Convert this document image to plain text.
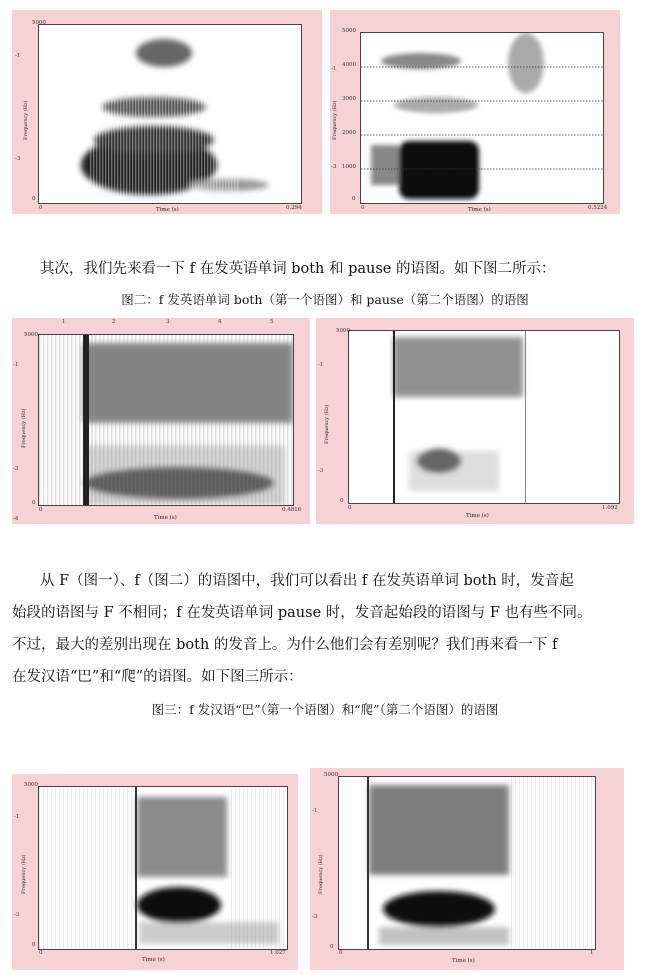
5000
-1
-3
0
Frequency (Hz)
0	Time (s)	0.294
5000
4000
3000
2000
1000
0
-1
-3
Frequency (Hz)
0	Time (s)	0.5224
其次，我们先来看一下 f 在发英语单词 both 和 pause 的语图。如下图二所示：
图二：f 发英语单词 both（第一个语图）和 pause（第二个语图）的语图
1	2	3	4	5
5000
-1
-3
-4
Frequency (Hz)
0
0
Time (s)
0.4816
5000
-1
-3
Frequency (Hz)
0
0
Time (s)
1.092
从 F（图一）、f（图二）的语图中，我们可以看出 f 在发英语单词 both 时，发音起
始段的语图与 F 不相同；f 在发英语单词 pause 时，发音起始段的语图与 F 也有些不同。
不过，最大的差别出现在 both 的发音上。为什么他们会有差别呢？我们再来看一下 f
在发汉语“巴”和“爬”的语图。如下图三所示：
图三：f 发汉语“巴”（第一个语图）和“爬”（第二个语图）的语图
5000
-1
-3
Frequency (Hz)
0
0
Time (s)
1.027
5000
-1
-3
Frequency (Hz)
0
0
Time (s)
1
